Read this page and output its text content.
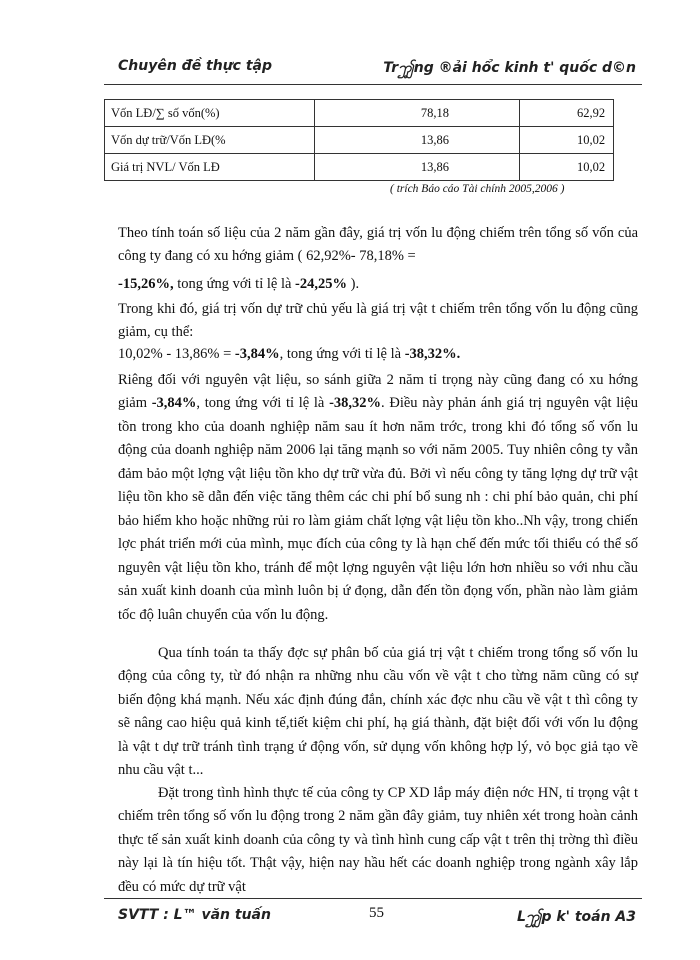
Chuyên đề thực tập	Trꩶng ®ải hổc kinh t' quốc d©n
Vốn LĐ/∑ số vốn(%)	78,18	62,92
Vốn dự trữ/Vốn LĐ(%	13,86	10,02
Giá trị NVL/ Vốn LĐ	13,86	10,02
( trích Báo cáo Tài chính 2005,2006 )

Theo tính toán số liệu của 2 năm gần đây, giá trị vốn lu động chiếm trên tổng số vốn của công ty đang có xu hớng giảm ( 62,92%- 78,18% =

-15,26%, tong ứng với tỉ lệ là -24,25% ).

Trong khi đó, giá trị vốn dự trữ chủ yếu là giá trị vật t chiếm trên tổng vốn lu động cũng giảm, cụ thể:

10,02% - 13,86% = -3,84%, tong ứng với tỉ lệ là -38,32%.

Riêng đối với nguyên vật liệu, so sánh giữa 2 năm tỉ trọng này cũng đang có xu hớng giảm -3,84%, tong ứng với tỉ lệ là -38,32%. Điều này phản ánh giá trị nguyên vật liệu tồn trong kho của doanh nghiệp năm sau ít hơn năm trớc, trong khi đó tổng số vốn lu động của doanh nghiệp năm 2006 lại tăng mạnh so với năm 2005. Tuy nhiên công ty vẫn đảm bảo một lợng vật liệu tồn kho dự trữ vừa đủ. Bởi vì nếu công ty tăng lợng dự trữ vật liệu tồn kho sẽ dẫn đến việc tăng thêm các chi phí bổ sung nh : chi phí bảo quản, chi phí bảo hiểm kho hoặc những rủi ro làm giảm chất lợng vật liệu tồn kho..Nh vậy, trong chiến lợc phát triển mới của mình, mục đích của công ty là hạn chế đến mức tối thiểu có thể số nguyên vật liệu tồn kho, tránh để một lợng nguyên vật liệu lớn hơn nhiều so với nhu cầu sản xuất kinh doanh của mình luôn bị ứ đọng, dẫn đến tồn đọng vốn, phần nào làm giảm tốc độ luân chuyển của vốn lu động.

Qua tính toán ta thấy đợc sự phân bố của giá trị vật t chiếm trong tổng số vốn lu động của công ty, từ đó nhận ra những nhu cầu vốn về vật t cho từng năm cũng có sự biến động khá mạnh. Nếu xác định đúng đắn, chính xác đợc nhu cầu về vật t thì công ty sẽ nâng cao hiệu quả kinh tế,tiết kiệm chi phí, hạ giá thành, đặt biệt đối với vốn lu động là vật t dự trữ tránh tình trạng ứ động vốn, sử dụng vốn không hợp lý, vỏ bọc giả tạo về nhu cầu vật t...

Đặt trong tình hình thực tế của công ty CP XD lắp máy điện nớc HN, tỉ trọng vật t chiếm trên tổng số vốn lu động trong 2 năm gần đây giảm, tuy nhiên xét trong hoàn cảnh thực tế sản xuất kinh doanh của công ty và tình hình cung cấp vật t trên thị trờng thì điều này lại là tín hiệu tốt. Thật vậy, hiện nay hầu hết các doanh nghiệp trong ngành xây lắp đều có mức dự trữ vật

SVTT : L™ văn tuấn	55	Lꩶp k' toán A3
